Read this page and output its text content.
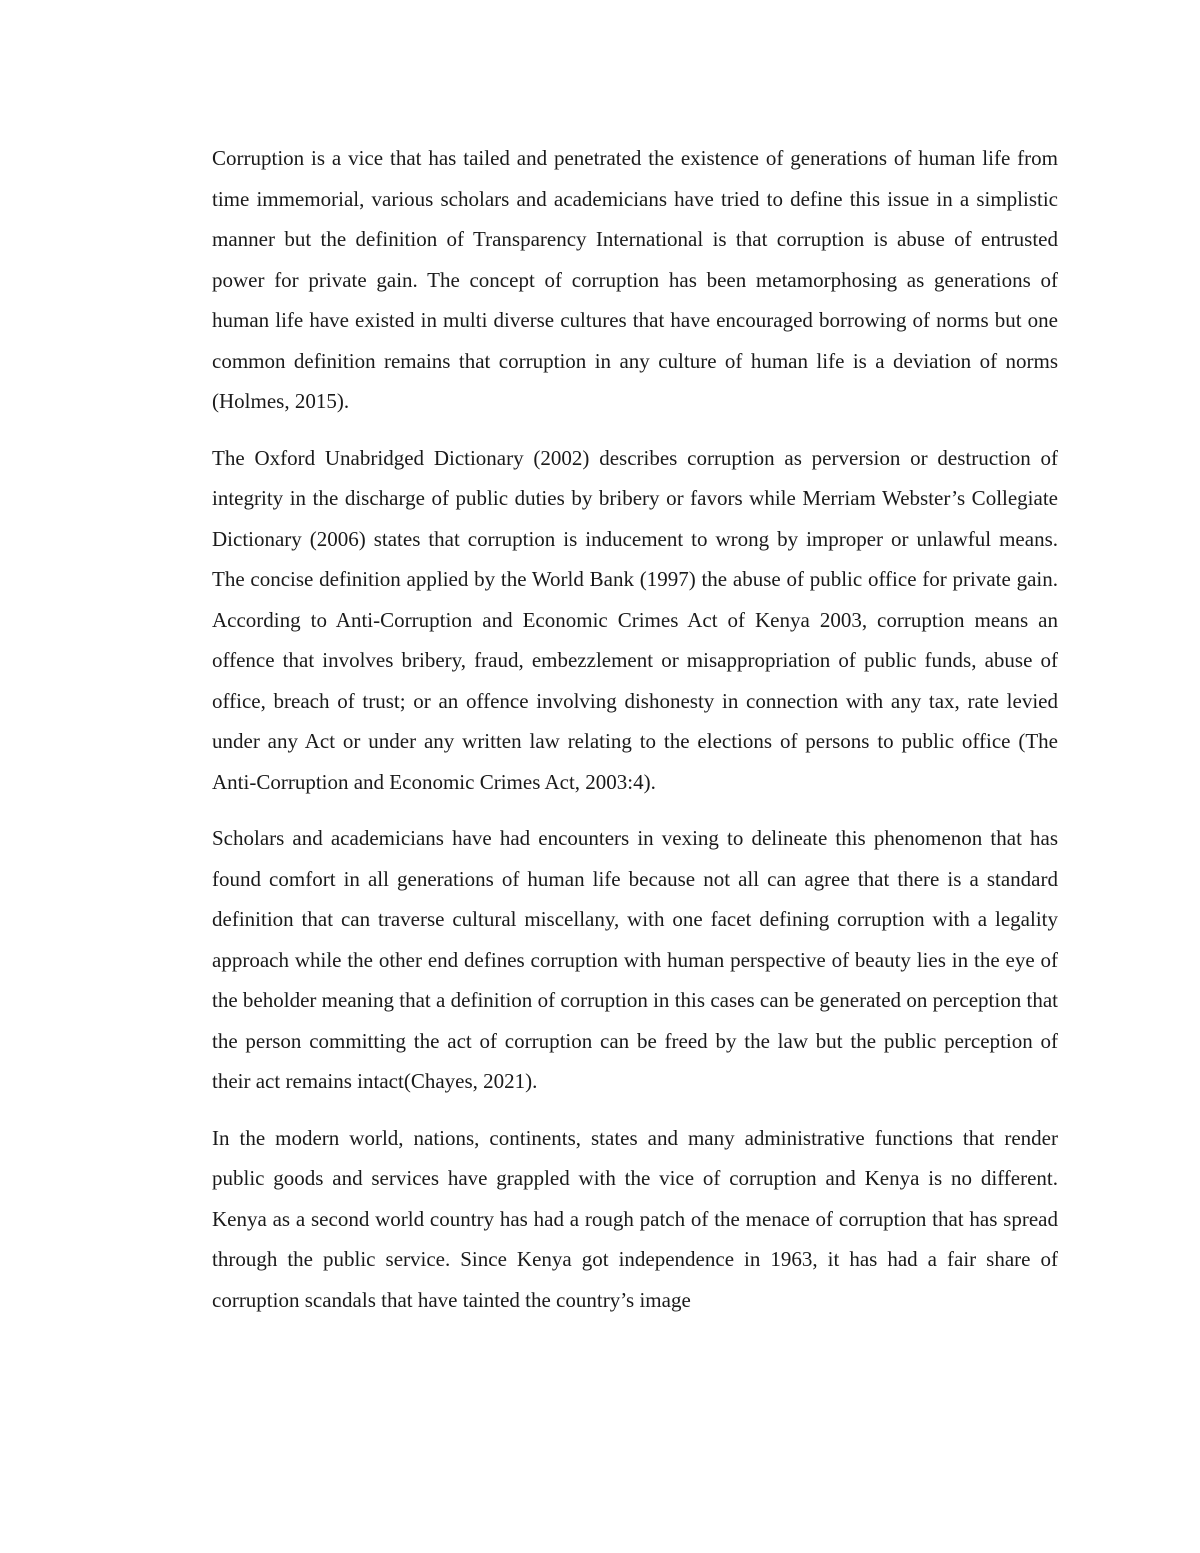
Corruption is a vice that has tailed and penetrated the existence of generations of human life from time immemorial, various scholars and academicians have tried to define this issue in a simplistic manner but the definition of Transparency International is that corruption is abuse of entrusted power for private gain. The concept of corruption has been metamorphosing as generations of human life have existed in multi diverse cultures that have encouraged borrowing of norms but one common definition remains that corruption in any culture of human life is a deviation of norms (Holmes, 2015).

The Oxford Unabridged Dictionary (2002) describes corruption as perversion or destruction of integrity in the discharge of public duties by bribery or favors while Merriam Webster’s Collegiate Dictionary (2006) states that corruption is inducement to wrong by improper or unlawful means. The concise definition applied by the World Bank (1997) the abuse of public office for private gain. According to Anti-Corruption and Economic Crimes Act of Kenya 2003, corruption means an offence that involves bribery, fraud, embezzlement or misappropriation of public funds, abuse of office, breach of trust; or an offence involving dishonesty in connection with any tax, rate levied under any Act or under any written law relating to the elections of persons to public office (The Anti-Corruption and Economic Crimes Act, 2003:4).

Scholars and academicians have had encounters in vexing to delineate this phenomenon that has found comfort in all generations of human life because not all can agree that there is a standard definition that can traverse cultural miscellany, with one facet defining corruption with a legality approach while the other end defines corruption with human perspective of beauty lies in the eye of the beholder meaning that a definition of corruption in this cases can be generated on perception that the person committing the act of corruption can be freed by the law but the public perception of their act remains intact(Chayes, 2021).

In the modern world, nations, continents, states and many administrative functions that render public goods and services have grappled with the vice of corruption and Kenya is no different. Kenya as a second world country has had a rough patch of the menace of corruption that has spread through the public service. Since Kenya got independence in 1963, it has had a fair share of corruption scandals that have tainted the country’s image
